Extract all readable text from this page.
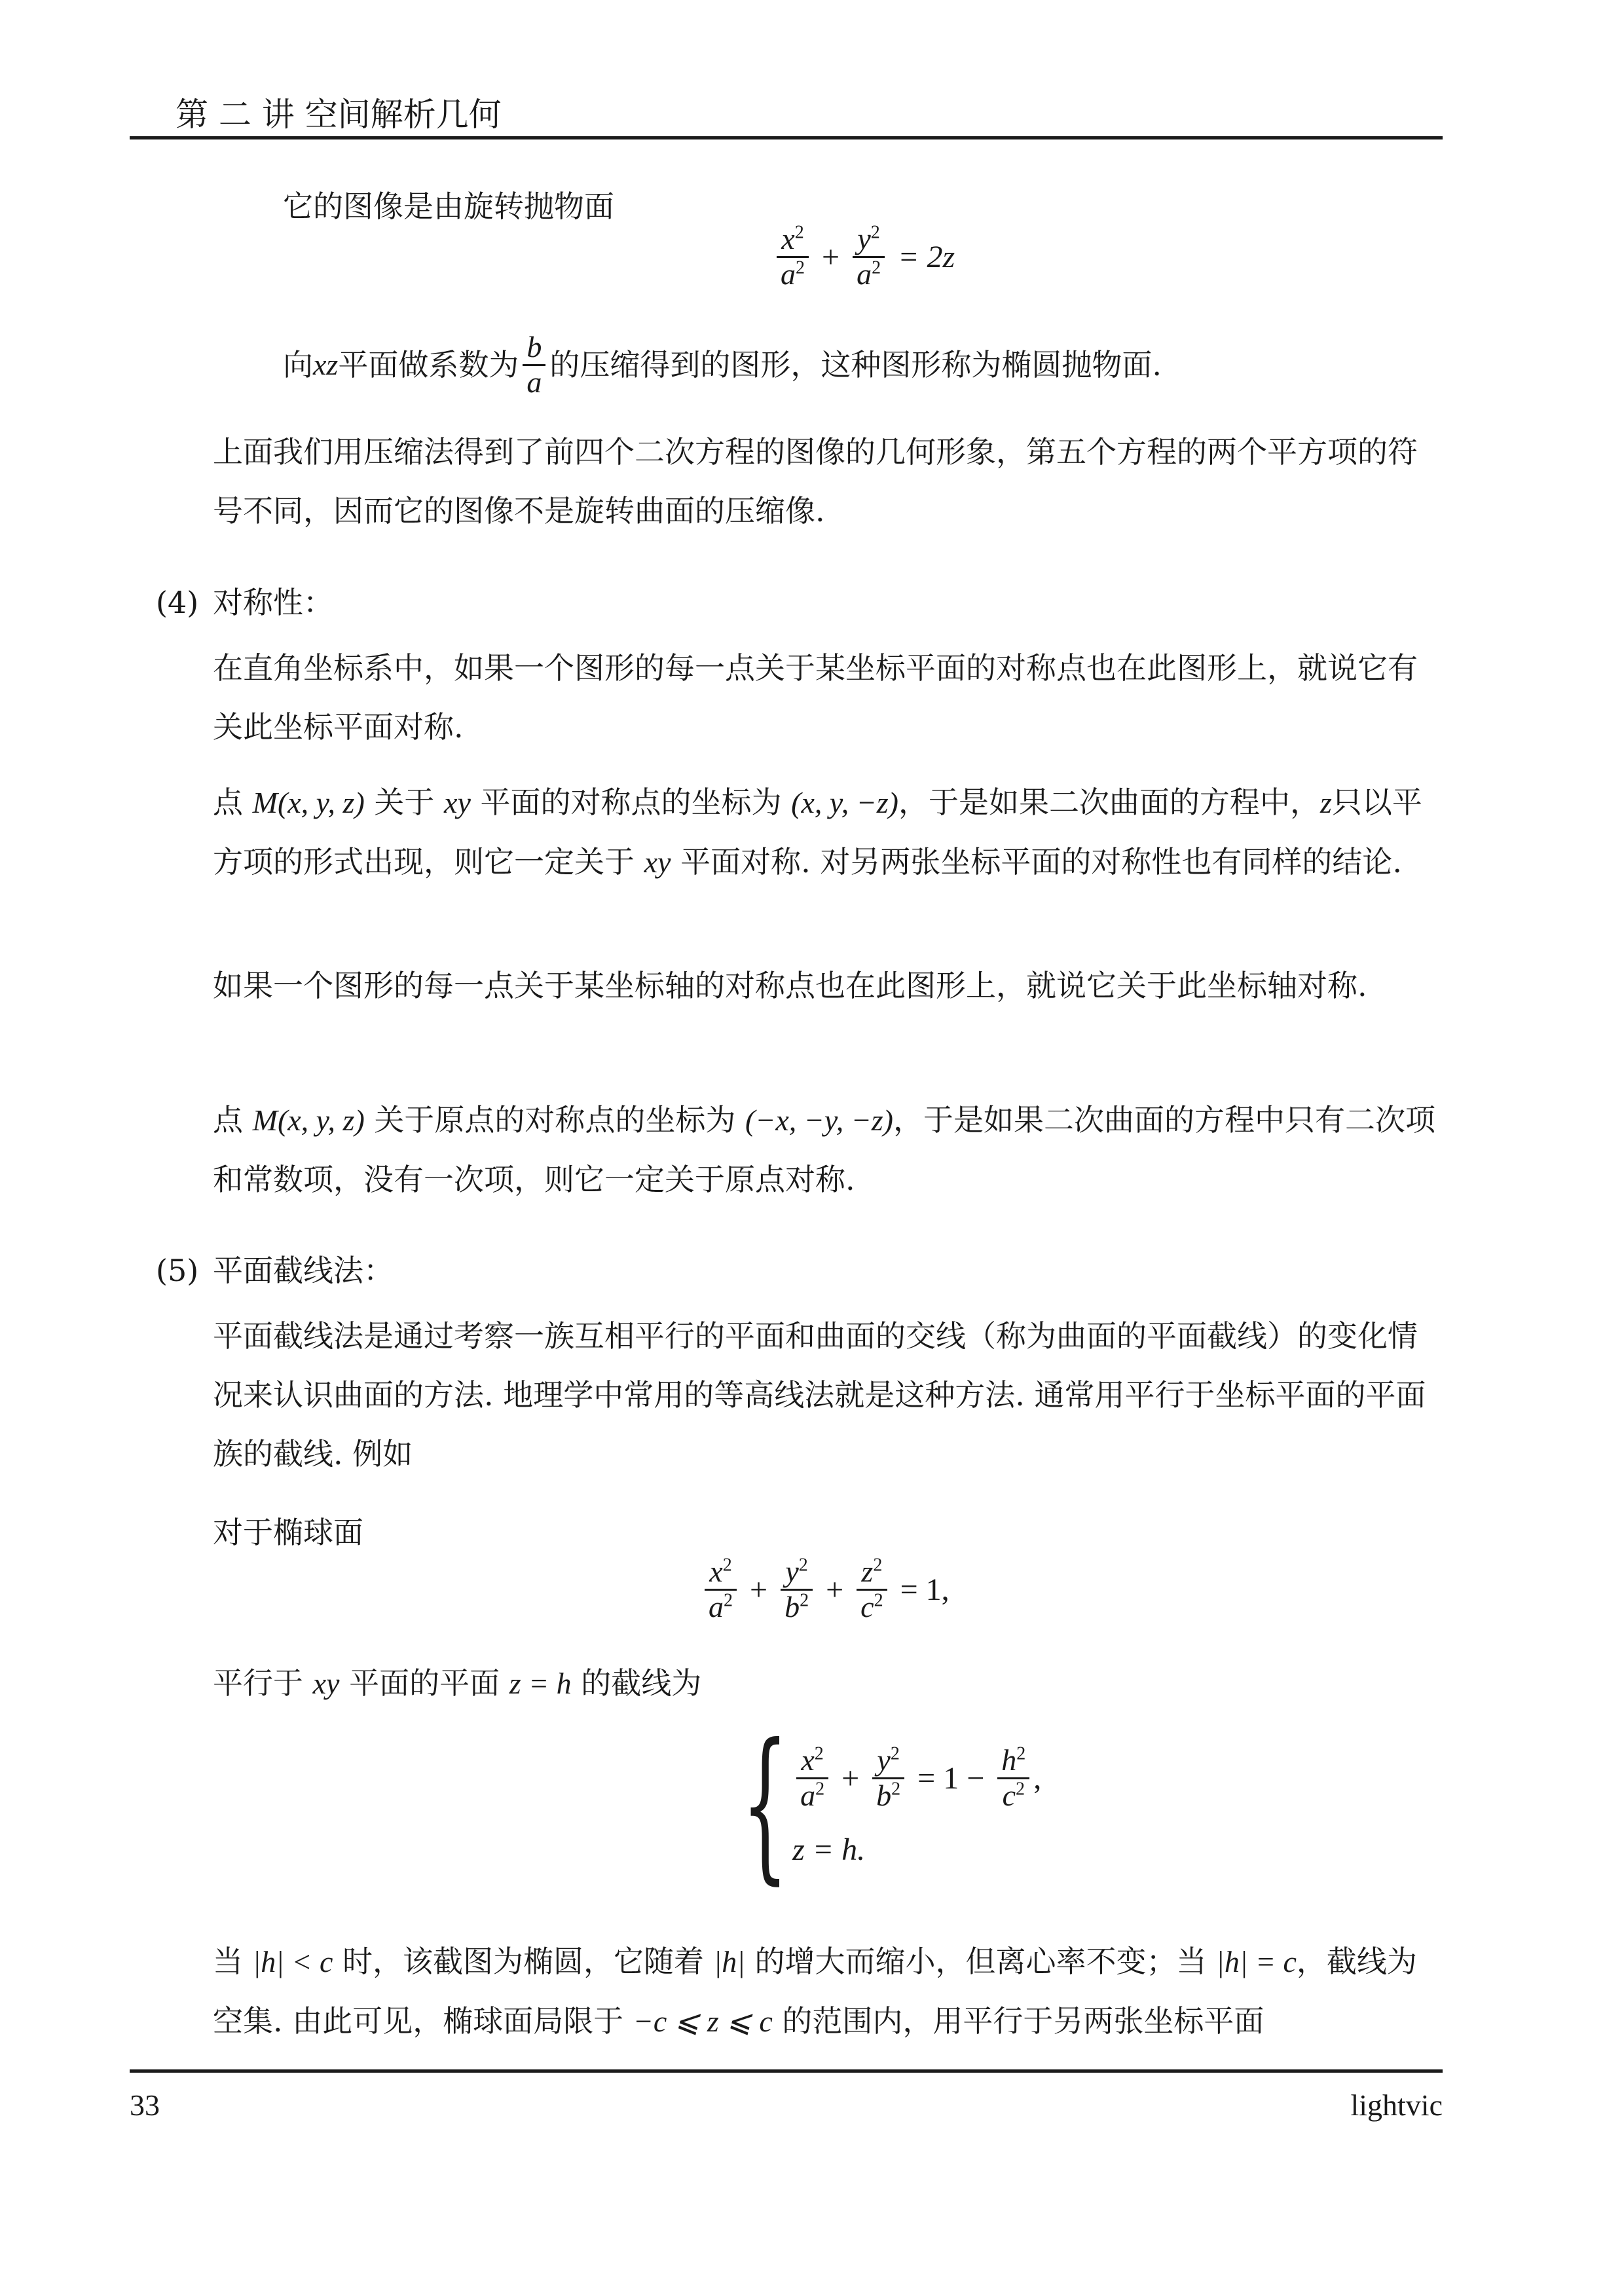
第 二 讲 空间解析几何
它的图像是由旋转抛物面
$\frac{x^2}{a^2} + \frac{y^2}{a^2} = 2z$
向 xz 平面做系数为 $\frac{b}{a}$ 的压缩得到的图形，这种图形称为椭圆抛物面.
上面我们用压缩法得到了前四个二次方程的图像的几何形象，第五个方程的两个平方项的符号不同，因而它的图像不是旋转曲面的压缩像.
(4) 对称性：
在直角坐标系中，如果一个图形的每一点关于某坐标平面的对称点也在此图形上，就说它有关此坐标平面对称.
点 M(x, y, z) 关于 xy 平面的对称点的坐标为 (x, y, −z)，于是如果二次曲面的方程中，z只以平方项的形式出现，则它一定关于 xy 平面对称. 对另两张坐标平面的对称性也有同样的结论.
如果一个图形的每一点关于某坐标轴的对称点也在此图形上，就说它关于此坐标轴对称.
点 M(x, y, z) 关于原点的对称点的坐标为 (−x, −y, −z)，于是如果二次曲面的方程中只有二次项和常数项，没有一次项，则它一定关于原点对称.
(5) 平面截线法：
平面截线法是通过考察一族互相平行的平面和曲面的交线（称为曲面的平面截线）的变化情况来认识曲面的方法. 地理学中常用的等高线法就是这种方法. 通常用平行于坐标平面的平面族的截线. 例如
对于椭球面
$\frac{x^2}{a^2} + \frac{y^2}{b^2} + \frac{z^2}{c^2} = 1$,
平行于 xy 平面的平面 z = h 的截线为
{ $\frac{x^2}{a^2} + \frac{y^2}{b^2} = 1 - \frac{h^2}{c^2}$ ,
z = h.
当 |h| < c 时，该截图为椭圆，它随着 |h| 的增大而缩小，但离心率不变；当 |h| = c，截线为空集. 由此可见，椭球面局限于 −c ⩽ z ⩽ c 的范围内，用平行于另两张坐标平面
33	lightvic
